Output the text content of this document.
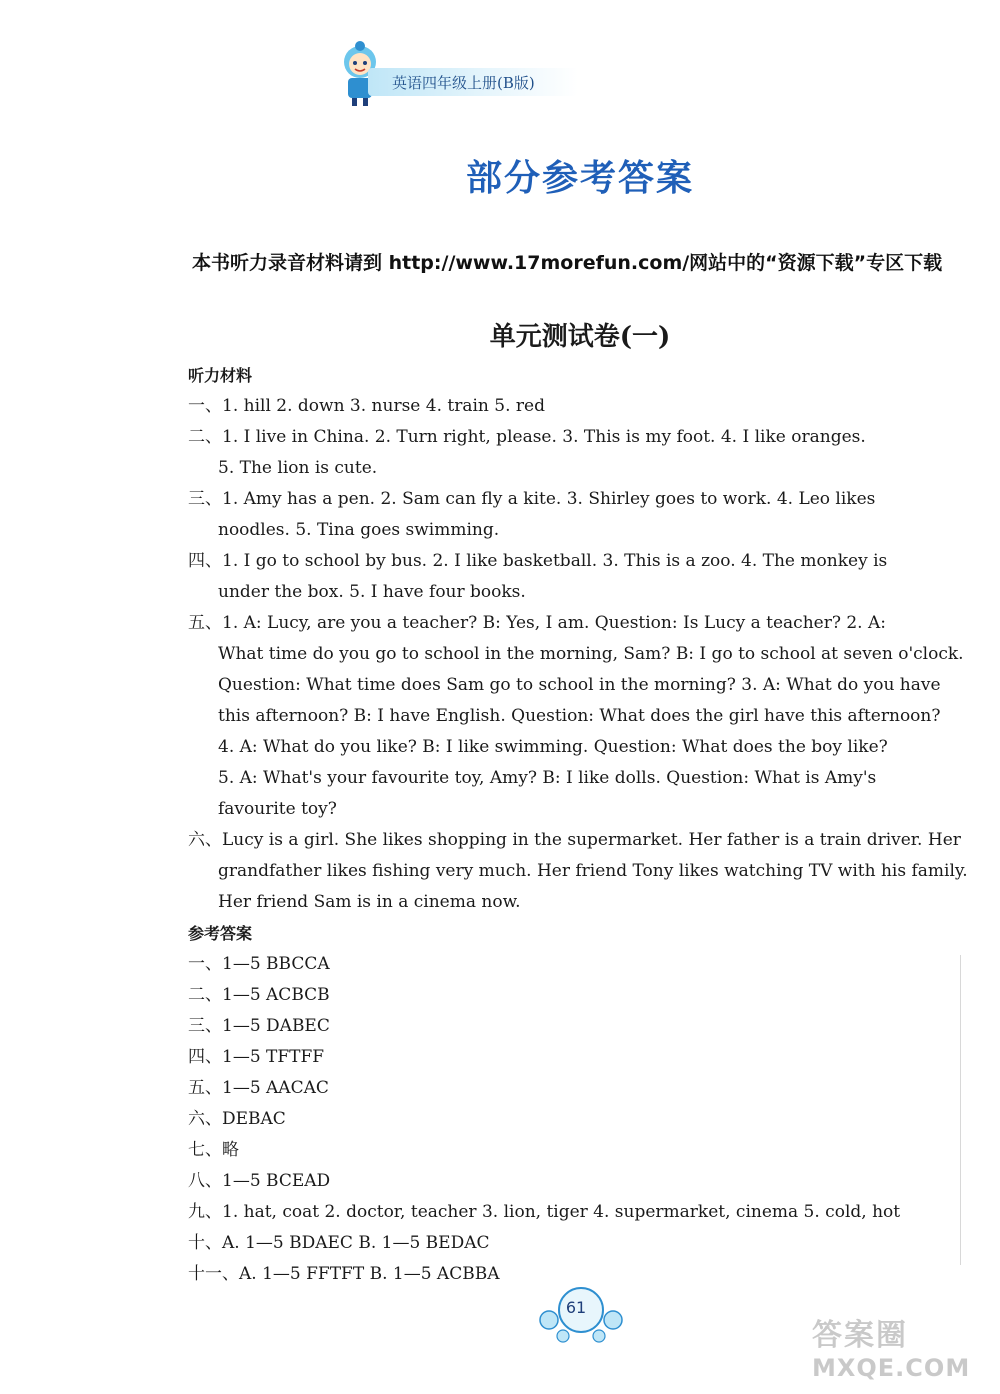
英语四年级上册(B版)
部分参考答案
本书听力录音材料请到 http://www.17morefun.com/网站中的“资源下载”专区下载
单元测试卷(一)
听力材料
一、1. hill 2. down 3. nurse 4. train 5. red
二、1. I live in China. 2. Turn right, please. 3. This is my foot. 4. I like oranges.
5. The lion is cute.
三、1. Amy has a pen. 2. Sam can fly a kite. 3. Shirley goes to work. 4. Leo likes
noodles. 5. Tina goes swimming.
四、1. I go to school by bus. 2. I like basketball. 3. This is a zoo. 4. The monkey is
under the box. 5. I have four books.
五、1. A: Lucy, are you a teacher? B: Yes, I am. Question: Is Lucy a teacher? 2. A:
What time do you go to school in the morning, Sam? B: I go to school at seven o'clock.
Question: What time does Sam go to school in the morning? 3. A: What do you have
this afternoon? B: I have English. Question: What does the girl have this afternoon?
4. A: What do you like? B: I like swimming. Question: What does the boy like?
5. A: What's your favourite toy, Amy? B: I like dolls. Question: What is Amy's
favourite toy?
六、Lucy is a girl. She likes shopping in the supermarket. Her father is a train driver. Her
grandfather likes fishing very much. Her friend Tony likes watching TV with his family.
Her friend Sam is in a cinema now.
参考答案
一、1—5 BBCCA
二、1—5 ACBCB
三、1—5 DABEC
四、1—5 TFTFF
五、1—5 AACAC
六、DEBAC
七、略
八、1—5 BCEAD
九、1. hat, coat 2. doctor, teacher 3. lion, tiger 4. supermarket, cinema 5. cold, hot
十、A. 1—5 BDAEC B. 1—5 BEDAC
十一、A. 1—5 FFTFT B. 1—5 ACBBA
61
答案圈
MXQE.COM
